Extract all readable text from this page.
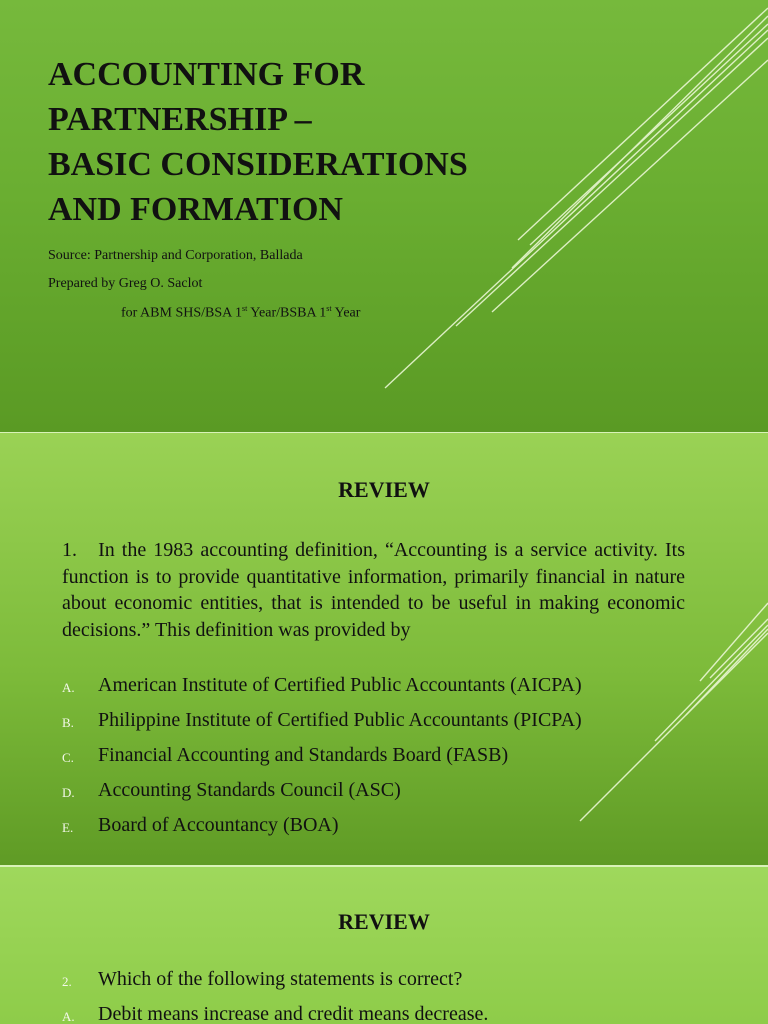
ACCOUNTING FOR
PARTNERSHIP –
BASIC CONSIDERATIONS
AND FORMATION
Source: Partnership and Corporation, Ballada
Prepared by Greg O. Saclot
for ABM SHS/BSA 1st Year/BSBA 1st Year
REVIEW
1. In the 1983 accounting definition, “Accounting is a service activity. Its function is to provide quantitative information, primarily financial in nature about economic entities, that is intended to be useful in making economic decisions.” This definition was provided by
A. American Institute of Certified Public Accountants (AICPA)
B. Philippine Institute of Certified Public Accountants (PICPA)
C. Financial Accounting and Standards Board (FASB)
D. Accounting Standards Council (ASC)
E. Board of Accountancy (BOA)
REVIEW
2. Which of the following statements is correct?
A. Debit means increase and credit means decrease.
